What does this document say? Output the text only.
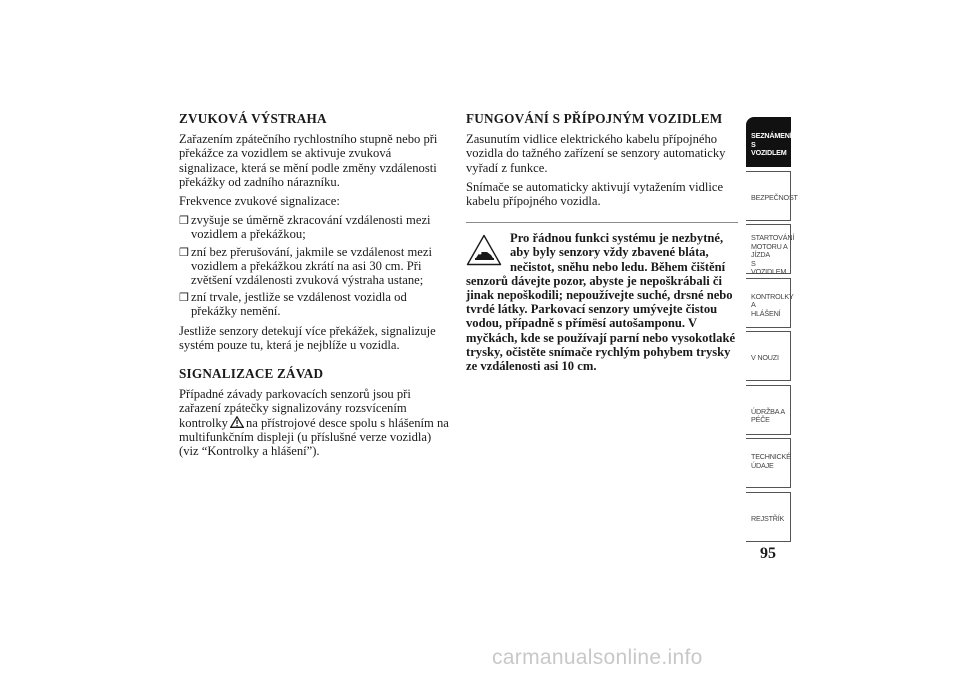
ZVUKOVÁ VÝSTRAHA

Zařazením zpátečního rychlostního stupně nebo při překážce za vozidlem se aktivuje zvuková signalizace, která se mění podle změny vzdálenosti překážky od zadního nárazníku.

Frekvence zvukové signalizace:

❒ zvyšuje se úměrně zkracování vzdálenosti mezi vozidlem a překážkou;
❒ zní bez přerušování, jakmile se vzdálenost mezi vozidlem a překážkou zkrátí na asi 30 cm. Při zvětšení vzdálenosti zvuková výstraha ustane;
❒ zní trvale, jestliže se vzdálenost vozidla od překážky nemění.

Jestliže senzory detekují více překážek, signalizuje systém pouze tu, která je nejblíže u vozidla.

SIGNALIZACE ZÁVAD

Případné závady parkovacích senzorů jsou při zařazení zpátečky signalizovány rozsvícením kontrolky na přístrojové desce spolu s hlášením na multifunkčním displeji (u příslušné verze vozidla) (viz “Kontrolky a hlášení”).

FUNGOVÁNÍ S PŘÍPOJNÝM VOZIDLEM

Zasunutím vidlice elektrického kabelu přípojného vozidla do tažného zařízení se senzory automaticky vyřadí z funkce.

Snímače se automaticky aktivují vytažením vidlice kabelu přípojného vozidla.

Pro řádnou funkci systému je nezbytné, aby byly senzory vždy zbavené bláta, nečistot, sněhu nebo ledu. Během čištění senzorů dávejte pozor, abyste je nepoškrábali či jinak nepoškodili; nepoužívejte suché, drsné nebo tvrdé látky. Parkovací senzory umývejte čistou vodou, případně s přímësí autošamponu. V myčkách, kde se používají parní nebo vysokotlaké trysky, očistěte snímače rychlým pohybem trysky ze vzdálenosti asi 10 cm.

SEZNÁMENÍ S
VOZIDLEM
BEZPEČNOST
STARTOVÁNÍ
MOTORU A JÍZDA
S VOZIDLEM
KONTROLKY A
HLÁŠENÍ
V NOUZI
ÚDRŽBA A PÉČE
TECHNICKÉ
ÚDAJE
REJSTŘÍK
95
carmanualsonline.info
